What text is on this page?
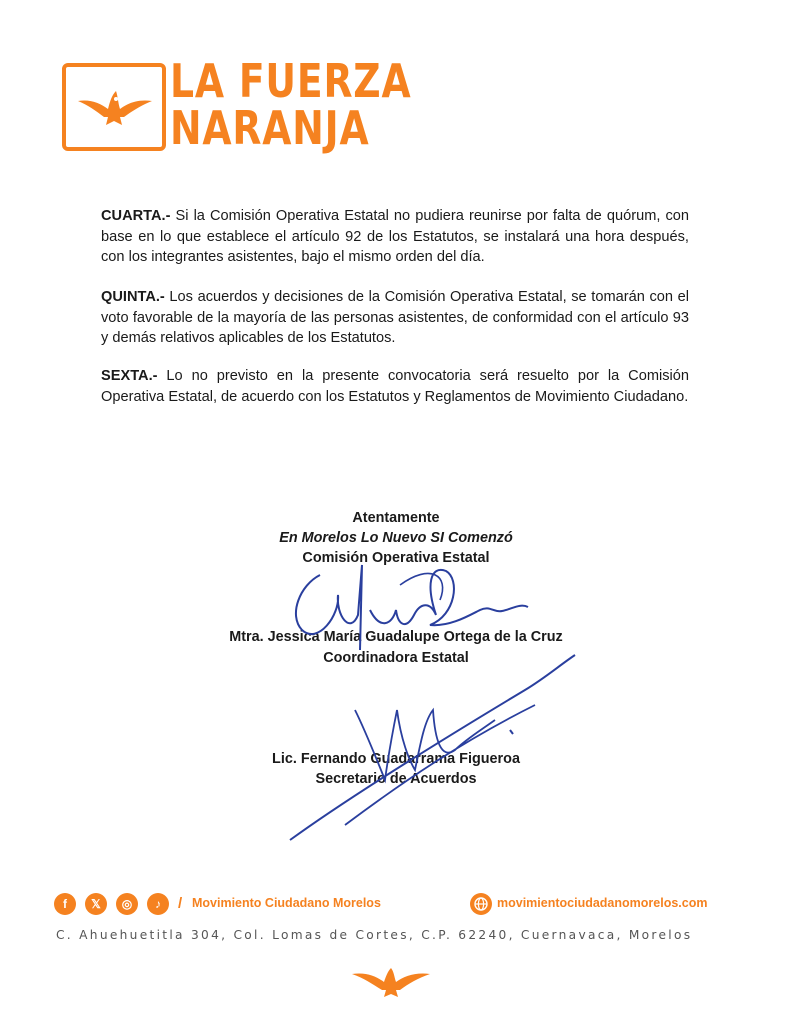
LA FUERZA
NARANJA

CUARTA.- Si la Comisión Operativa Estatal no pudiera reunirse por falta de quórum, con base en lo que establece el artículo 92 de los Estatutos, se instalará una hora después, con los integrantes asistentes, bajo el mismo orden del día.

QUINTA.- Los acuerdos y decisiones de la Comisión Operativa Estatal, se tomarán con el voto favorable de la mayoría de las personas asistentes, de conformidad con el artículo 93 y demás relativos aplicables de los Estatutos.

SEXTA.- Lo no previsto en la presente convocatoria será resuelto por la Comisión Operativa Estatal, de acuerdo con los Estatutos y Reglamentos de Movimiento Ciudadano.

Atentamente
En Morelos Lo Nuevo SI Comenzó
Comisión Operativa Estatal
Mtra. Jessica María Guadalupe Ortega de la Cruz
Coordinadora Estatal
Lic. Fernando Guadarrama Figueroa
Secretario de Acuerdos
f	𝕏	◎	♪	/ Movimiento Ciudadano Morelos	movimientociudadanomorelos.com
C. Ahuehuetitla 304, Col. Lomas de Cortes, C.P. 62240, Cuernavaca, Morelos
